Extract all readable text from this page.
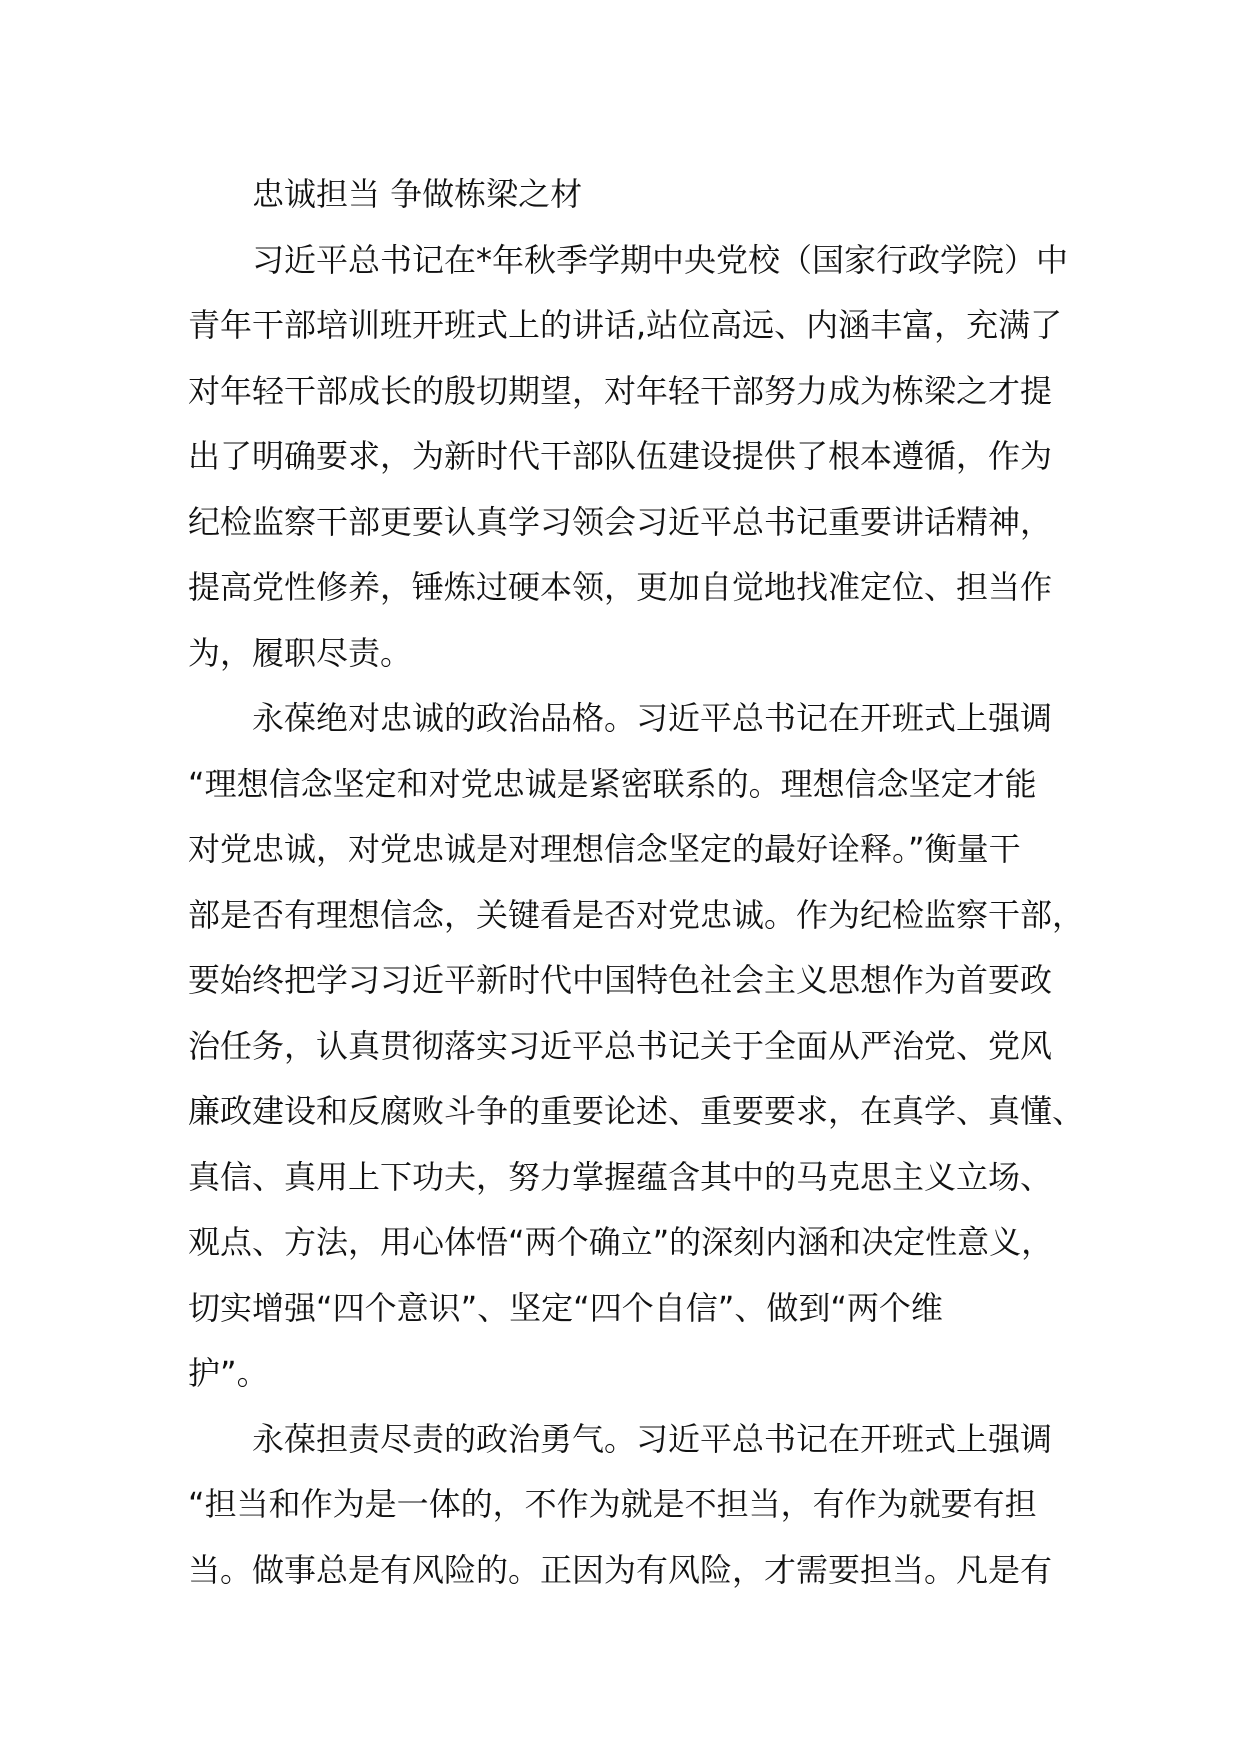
忠诚担当 争做栋梁之材
习近平总书记在*年秋季学期中央党校（国家行政学院）中
青年干部培训班开班式上的讲话,站位高远、内涵丰富，充满了
对年轻干部成长的殷切期望，对年轻干部努力成为栋梁之才提
出了明确要求，为新时代干部队伍建设提供了根本遵循，作为
纪检监察干部更要认真学习领会习近平总书记重要讲话精神，
提高党性修养，锤炼过硬本领，更加自觉地找准定位、担当作
为，履职尽责。
永葆绝对忠诚的政治品格。习近平总书记在开班式上强调
“理想信念坚定和对党忠诚是紧密联系的。理想信念坚定才能
对党忠诚，对党忠诚是对理想信念坚定的最好诠释。”衡量干
部是否有理想信念，关键看是否对党忠诚。作为纪检监察干部，
要始终把学习习近平新时代中国特色社会主义思想作为首要政
治任务，认真贯彻落实习近平总书记关于全面从严治党、党风
廉政建设和反腐败斗争的重要论述、重要要求，在真学、真懂、
真信、真用上下功夫，努力掌握蕴含其中的马克思主义立场、
观点、方法，用心体悟“两个确立”的深刻内涵和决定性意义，
切实增强“四个意识”、坚定“四个自信”、做到“两个维
护”。
永葆担责尽责的政治勇气。习近平总书记在开班式上强调
“担当和作为是一体的，不作为就是不担当，有作为就要有担
当。做事总是有风险的。正因为有风险，才需要担当。凡是有
